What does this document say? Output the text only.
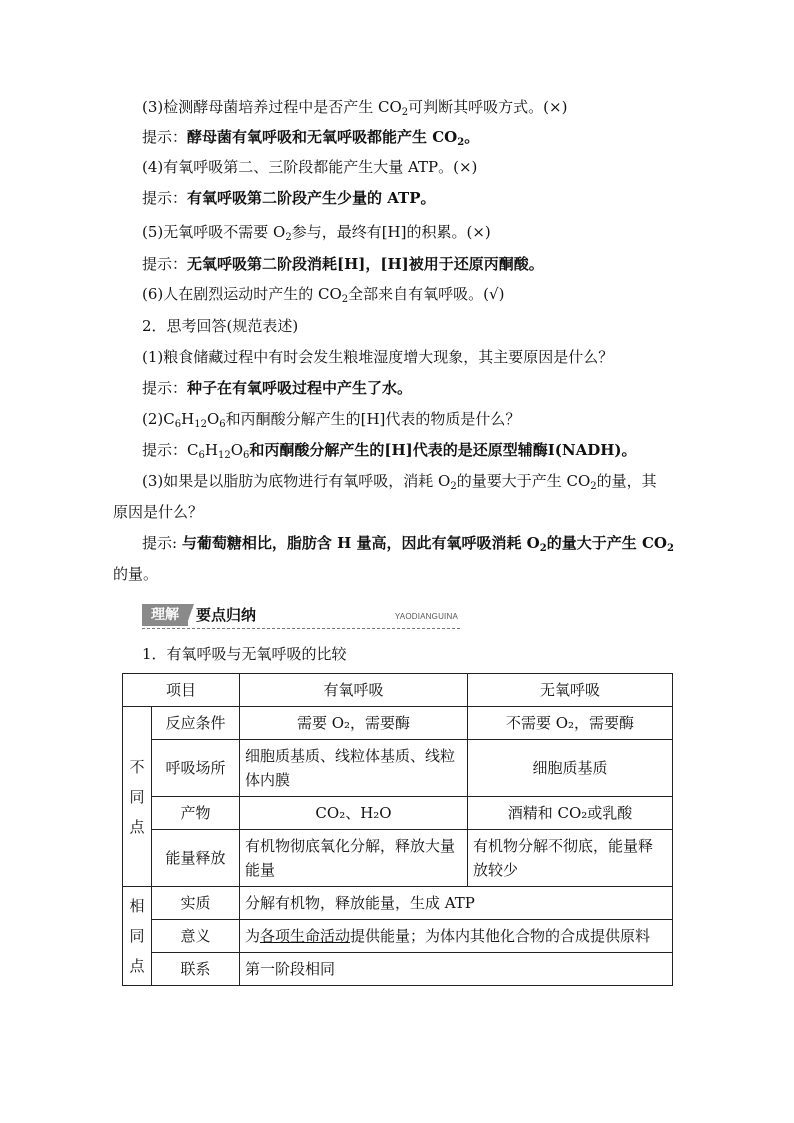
(3)检测酵母菌培养过程中是否产生 $CO_2$可判断其呼吸方式。(×)
提示：酵母菌有氧呼吸和无氧呼吸都能产生 $CO_2$。
(4)有氧呼吸第二、三阶段都能产生大量 ATP。(×)
提示：有氧呼吸第二阶段产生少量的 ATP。
(5)无氧呼吸不需要 $O_2$参与，最终有[H]的积累。(×)
提示：无氧呼吸第二阶段消耗[H]，[H]被用于还原丙酮酸。
(6)人在剧烈运动时产生的 $CO_2$全部来自有氧呼吸。(√)
2．思考回答(规范表述)
(1)粮食储藏过程中有时会发生粮堆湿度增大现象，其主要原因是什么？
提示：种子在有氧呼吸过程中产生了水。
$(2)C_6H_{12}O_6$和丙酮酸分解产生的[H]代表的物质是什么？
提示：$C_6H_{12}O_6$和丙酮酸分解产生的[H]代表的是还原型辅酶Ⅰ(NADH)。
(3)如果是以脂肪为底物进行有氧呼吸，消耗 $O_2$的量要大于产生 $CO_2$的量，其
原因是什么？
提示: 与葡萄糖相比，脂肪含 H 量高，因此有氧呼吸消耗 $O_2$的量大于产生 $CO_2$
的量。
理解	要点归纳	YAODIANGUINA
1．有氧呼吸与无氧呼吸的比较
项目		有氧呼吸	无氧呼吸
不
同
点	反应条件	需要 O₂，需要酶	不需要 O₂，需要酶
	呼吸场所	细胞质基质、线粒体基质、线粒体内膜	细胞质基质
	产物	CO₂、H₂O	酒精和 CO₂或乳酸
	能量释放	有机物彻底氧化分解，释放大量能量	有机物分解不彻底，能量释放较少
相
同
点	实质	分解有机物，释放能量，生成 ATP	
	意义	为各项生命活动提供能量；为体内其他化合物的合成提供原料	
	联系	第一阶段相同	
